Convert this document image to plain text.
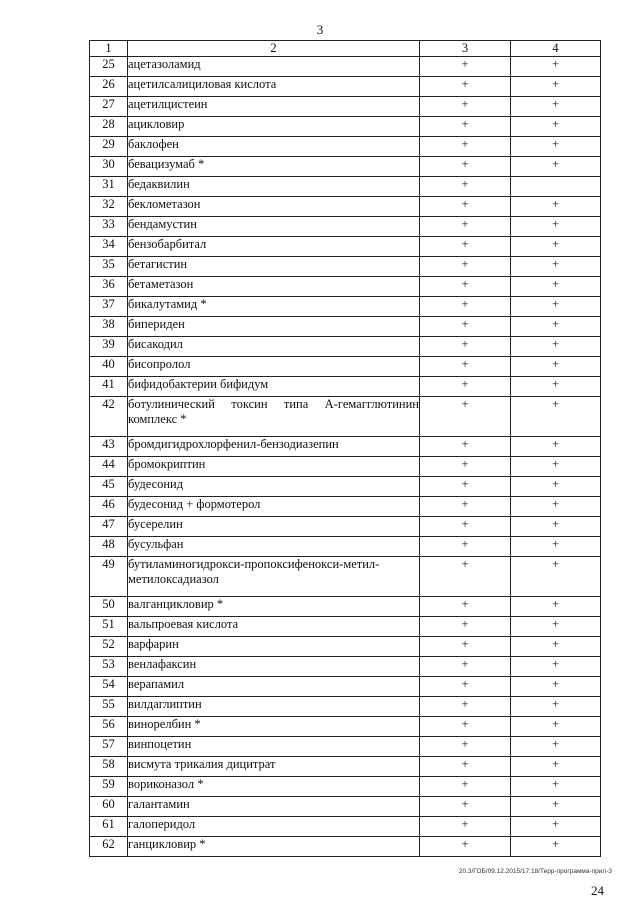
3
1	2	3	4
25	ацетазоламид	+	+
26	ацетилсалициловая кислота	+	+
27	ацетилцистеин	+	+
28	ацикловир	+	+
29	баклофен	+	+
30	бевацизумаб *	+	+
31	бедаквилин	+	
32	беклометазон	+	+
33	бендамустин	+	+
34	бензобарбитал	+	+
35	бетагистин	+	+
36	бетаметазон	+	+
37	бикалутамид *	+	+
38	бипериден	+	+
39	бисакодил	+	+
40	бисопролол	+	+
41	бифидобактерии бифидум	+	+
42	ботулинический токсин типа А-гемагглютинин комплекс *	+	+
43	бромдигидрохлорфенил-бензодиазепин	+	+
44	бромокриптин	+	+
45	будесонид	+	+
46	будесонид + формотерол	+	+
47	бусерелин	+	+
48	бусульфан	+	+
49	бутиламиногидрокси-пропоксифенокси-метил-метилоксадиазол	+	+
50	валганцикловир *	+	+
51	вальпроевая кислота	+	+
52	варфарин	+	+
53	венлафаксин	+	+
54	верапамил	+	+
55	вилдаглиптин	+	+
56	винорелбин *	+	+
57	винпоцетин	+	+
58	висмута трикалия дицитрат	+	+
59	вориконазол *	+	+
60	галантамин	+	+
61	галоперидол	+	+
62	ганцикловир *	+	+
20.3/ГОБ/09.12.2015/17:18/Терр-программа-прил-3
24
